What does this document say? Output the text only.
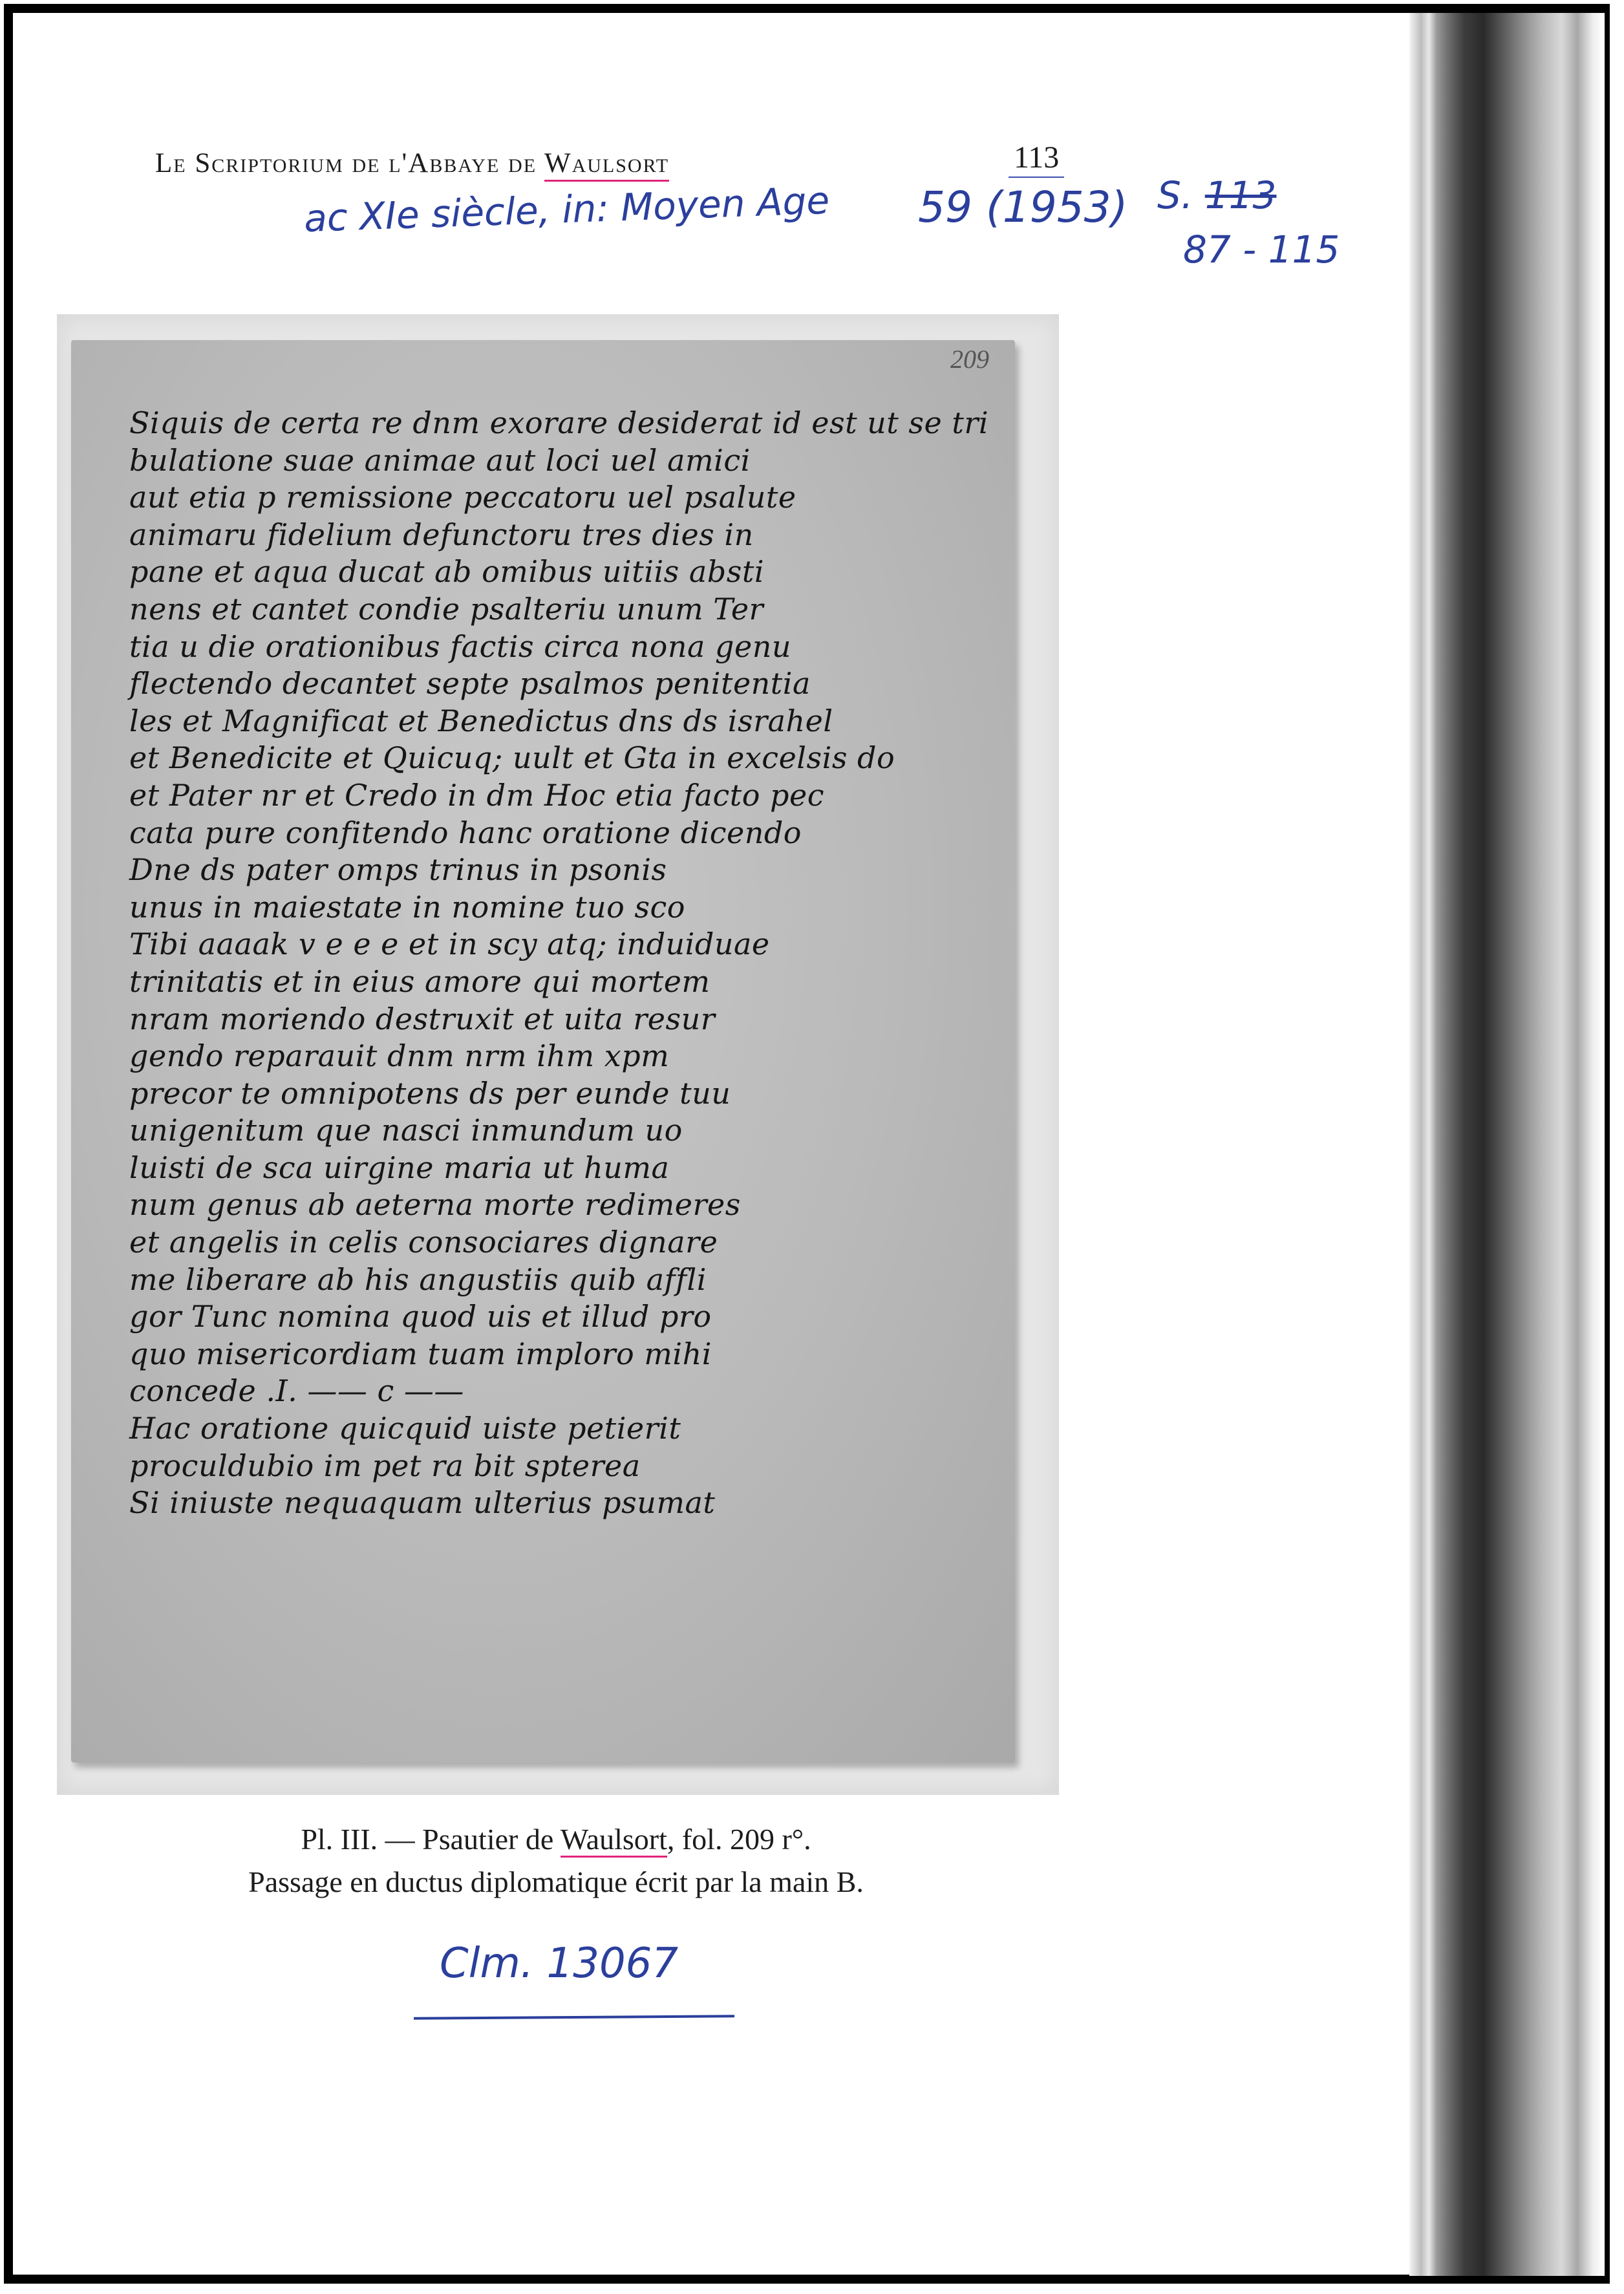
Le Scriptorium de l'Abbaye de Waulsort	113
ac XIe siècle, in: Moyen Age 59 (1953) S. 113
87 - 115
209
Siquis de certa re dnm exorare desiderat id est ut se tri
bulatione suae animae aut loci uel amici
aut etia p remissione peccatoru uel psalute
animaru fidelium defunctoru tres dies in
pane et aqua ducat ab omibus uitiis absti
nens et cantet condie psalteriu unum Ter
tia u die orationibus factis circa nona genu
flectendo decantet septe psalmos penitentia
les et Magnificat et Benedictus dns ds israhel
et Benedicite et Quicuq; uult et Gta in excelsis do
et Pater nr et Credo in dm Hoc etia facto pec
cata pure confitendo hanc oratione dicendo
Dne ds pater omps trinus in psonis
unus in maiestate in nomine tuo sco
Tibi aaaak v e e e et in scy atq; induiduae
trinitatis et in eius amore qui mortem
nram moriendo destruxit et uita resur
gendo reparauit dnm nrm ihm xpm
precor te omnipotens ds per eunde tuu
unigenitum que nasci inmundum uo
luisti de sca uirgine maria ut huma
num genus ab aeterna morte redimeres
et angelis in celis consociares dignare
me liberare ab his angustiis quib affli
gor Tunc nomina quod uis et illud pro
quo misericordiam tuam imploro mihi
concede .I. —— c ——
Hac oratione quicquid uiste petierit
proculdubio im pet ra bit spterea
Si iniuste nequaquam ulterius psumat
Pl. III. — Psautier de Waulsort, fol. 209 r°.
Passage en ductus diplomatique écrit par la main B.
Clm. 13067
